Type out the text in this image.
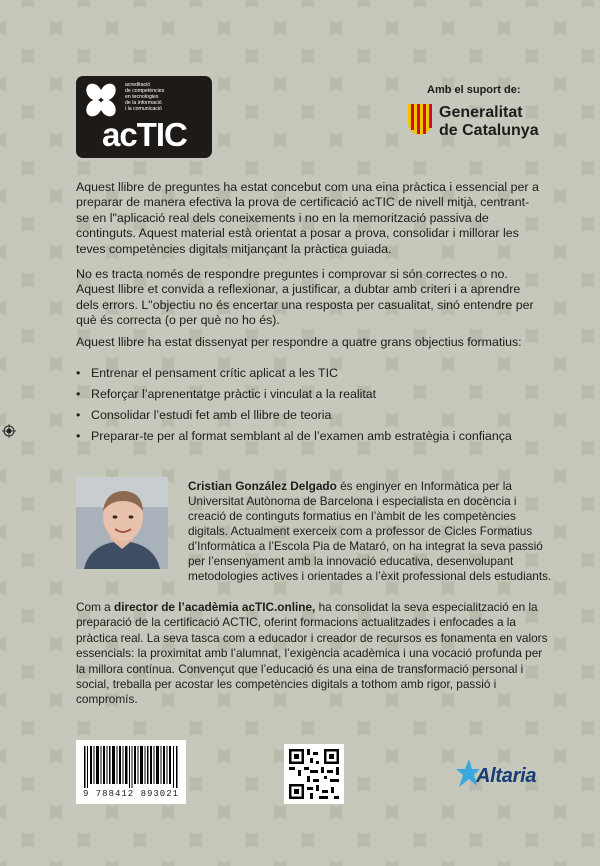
acreditació
de competències
en tecnologies
de la informació
i la comunicació
acTIC
Amb el suport de:
Generalitat
de Catalunya

Aquest llibre de preguntes ha estat concebut com una eina pràctica i essencial per a preparar de manera efectiva la prova de certificació acTIC de nivell mitjà, centrant-se en l"aplicació real dels coneixements i no en la memorització passiva de continguts. Aquest material està orientat a posar a prova, consolidar i millorar les teves competències digitals mitjançant la pràctica guiada.

No es tracta només de respondre preguntes i comprovar si són correctes o no. Aquest llibre et convida a reflexionar, a justificar, a dubtar amb criteri i a aprendre dels errors. L"objectiu no és encertar una resposta per casualitat, sinó entendre per què és correcta (o per què no ho és).

Aquest llibre ha estat dissenyat per respondre a quatre grans objectius formatius:

• Entrenar el pensament crític aplicat a les TIC
• Reforçar l’aprenentatge pràctic i vinculat a la realitat
• Consolidar l’estudi fet amb el llibre de teoria
• Preparar-te per al format semblant al de l’examen amb estratègia i confiança

Cristian González Delgado és enginyer en Informàtica per la Universitat Autònoma de Barcelona i especialista en docència i creació de continguts formatius en l’àmbit de les competències digitals. Actualment exerceix com a professor de Cicles Formatius d’Informàtica a l’Escola Pia de Mataró, on ha integrat la seva passió per l’ensenyament amb la innovació educativa, desenvolupant metodologies actives i orientades a l’èxit professional dels estudiants.

Com a director de l’acadèmia acTIC.online, ha consolidat la seva especialització en la preparació de la certificació ACTIC, oferint formacions actualitzades i enfocades a la pràctica real. La seva tasca com a educador i creador de recursos es fonamenta en valors essencials: la proximitat amb l’alumnat, l’exigència acadèmica i una vocació profunda per la millora contínua. Convençut que l’educació és una eina de transformació personal i social, treballa per acostar les competències digitals a tothom amb rigor, passió i compromís.

9 788412 893021
Altaria
